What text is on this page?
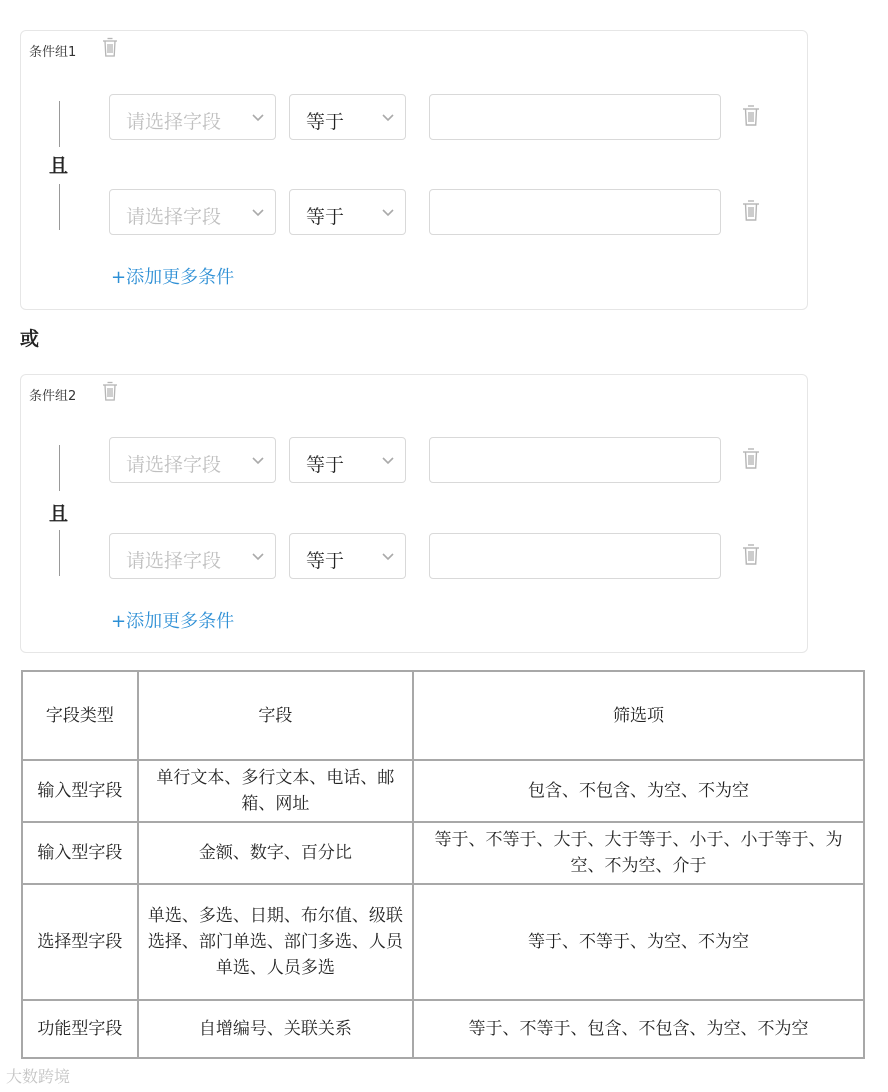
条件组1
且
请选择字段	等于
请选择字段	等于
+添加更多条件
或
条件组2
且
请选择字段	等于
请选择字段	等于
+添加更多条件
字段类型	字段	筛选项
输入型字段	单行文本、多行文本、电话、邮箱、网址	包含、不包含、为空、不为空
输入型字段	金额、数字、百分比	等于、不等于、大于、大于等于、小于、小于等于、为空、不为空、介于
选择型字段	单选、多选、日期、布尔值、级联选择、部门单选、部门多选、人员单选、人员多选	等于、不等于、为空、不为空
功能型字段	自增编号、关联关系	等于、不等于、包含、不包含、为空、不为空
大数跨境
